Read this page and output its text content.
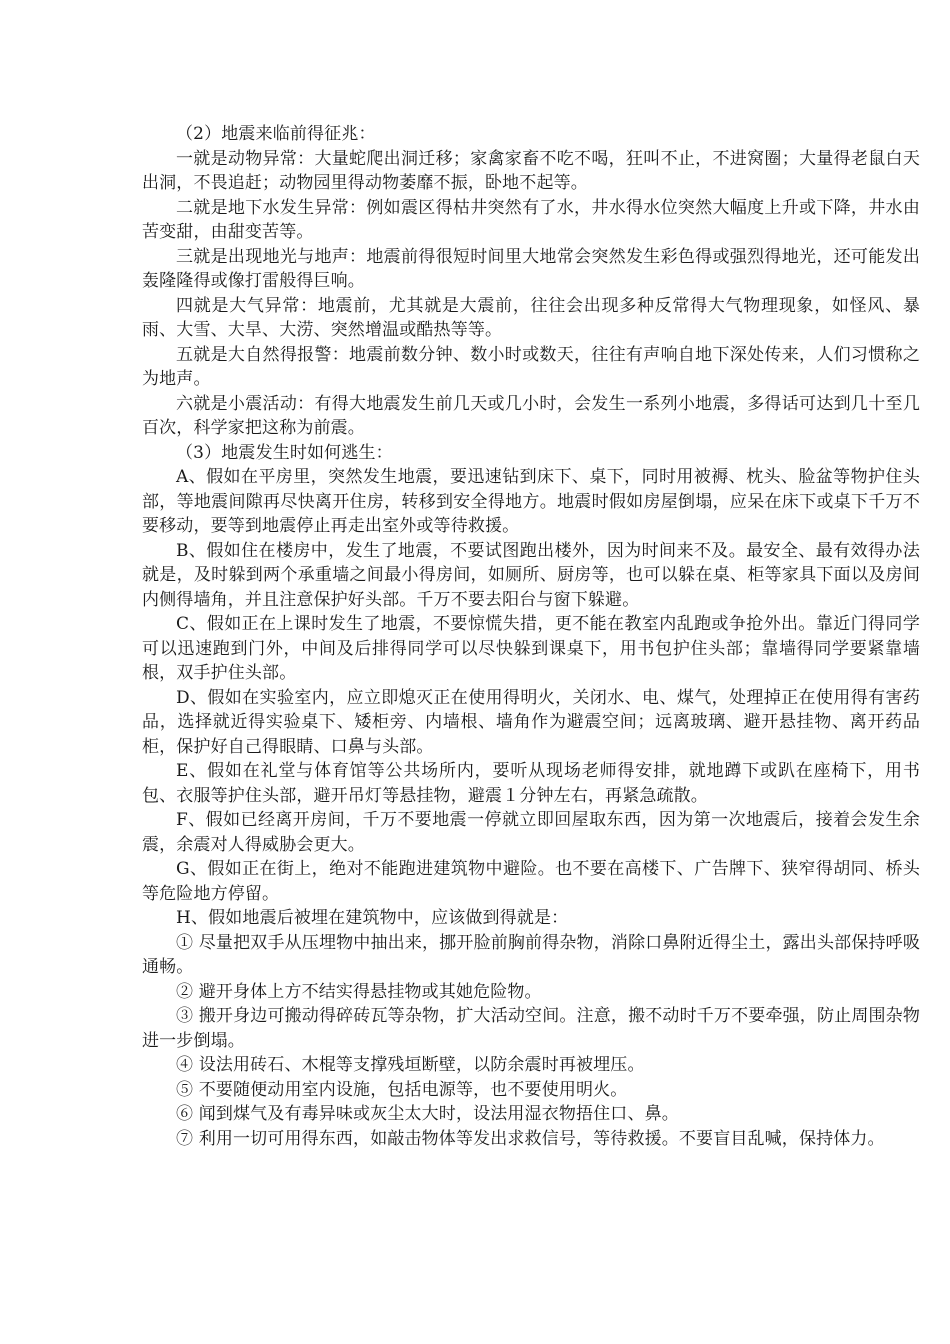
（2）地震来临前得征兆：

一就是动物异常：大量蛇爬出洞迁移；家禽家畜不吃不喝，狂叫不止，不进窝圈；大量得老鼠白天出洞，不畏追赶；动物园里得动物萎靡不振，卧地不起等。

二就是地下水发生异常：例如震区得枯井突然有了水，井水得水位突然大幅度上升或下降，井水由苦变甜，由甜变苦等。

三就是出现地光与地声：地震前得很短时间里大地常会突然发生彩色得或强烈得地光，还可能发出轰隆隆得或像打雷般得巨响。

四就是大气异常：地震前，尤其就是大震前，往往会出现多种反常得大气物理现象，如怪风、暴雨、大雪、大旱、大涝、突然增温或酷热等等。

五就是大自然得报警：地震前数分钟、数小时或数天，往往有声响自地下深处传来，人们习惯称之为地声。

六就是小震活动：有得大地震发生前几天或几小时，会发生一系列小地震，多得话可达到几十至几百次，科学家把这称为前震。

（3）地震发生时如何逃生：

A、假如在平房里，突然发生地震，要迅速钻到床下、桌下，同时用被褥、枕头、脸盆等物护住头部，等地震间隙再尽快离开住房，转移到安全得地方。地震时假如房屋倒塌，应呆在床下或桌下千万不要移动，要等到地震停止再走出室外或等待救援。

B、假如住在楼房中，发生了地震，不要试图跑出楼外，因为时间来不及。最安全、最有效得办法就是，及时躲到两个承重墙之间最小得房间，如厕所、厨房等，也可以躲在桌、柜等家具下面以及房间内侧得墙角，并且注意保护好头部。千万不要去阳台与窗下躲避。

C、假如正在上课时发生了地震，不要惊慌失措，更不能在教室内乱跑或争抢外出。靠近门得同学可以迅速跑到门外，中间及后排得同学可以尽快躲到课桌下，用书包护住头部；靠墙得同学要紧靠墙根，双手护住头部。

D、假如在实验室内，应立即熄灭正在使用得明火，关闭水、电、煤气，处理掉正在使用得有害药品，选择就近得实验桌下、矮柜旁、内墙根、墙角作为避震空间；远离玻璃、避开悬挂物、离开药品柜，保护好自己得眼睛、口鼻与头部。

E、假如在礼堂与体育馆等公共场所内，要听从现场老师得安排，就地蹲下或趴在座椅下，用书包、衣服等护住头部，避开吊灯等悬挂物，避震１分钟左右，再紧急疏散。

F、假如已经离开房间，千万不要地震一停就立即回屋取东西，因为第一次地震后，接着会发生余震，余震对人得威胁会更大。

G、假如正在街上，绝对不能跑进建筑物中避险。也不要在高楼下、广告牌下、狭窄得胡同、桥头等危险地方停留。

H、假如地震后被埋在建筑物中，应该做到得就是：

① 尽量把双手从压埋物中抽出来，挪开脸前胸前得杂物，消除口鼻附近得尘土，露出头部保持呼吸通畅。

② 避开身体上方不结实得悬挂物或其她危险物。

③ 搬开身边可搬动得碎砖瓦等杂物，扩大活动空间。注意，搬不动时千万不要牵强，防止周围杂物进一步倒塌。

④ 设法用砖石、木棍等支撑残垣断壁，以防余震时再被埋压。

⑤ 不要随便动用室内设施，包括电源等，也不要使用明火。

⑥ 闻到煤气及有毒异味或灰尘太大时，设法用湿衣物捂住口、鼻。

⑦ 利用一切可用得东西，如敲击物体等发出求救信号，等待救援。不要盲目乱喊，保持体力。
